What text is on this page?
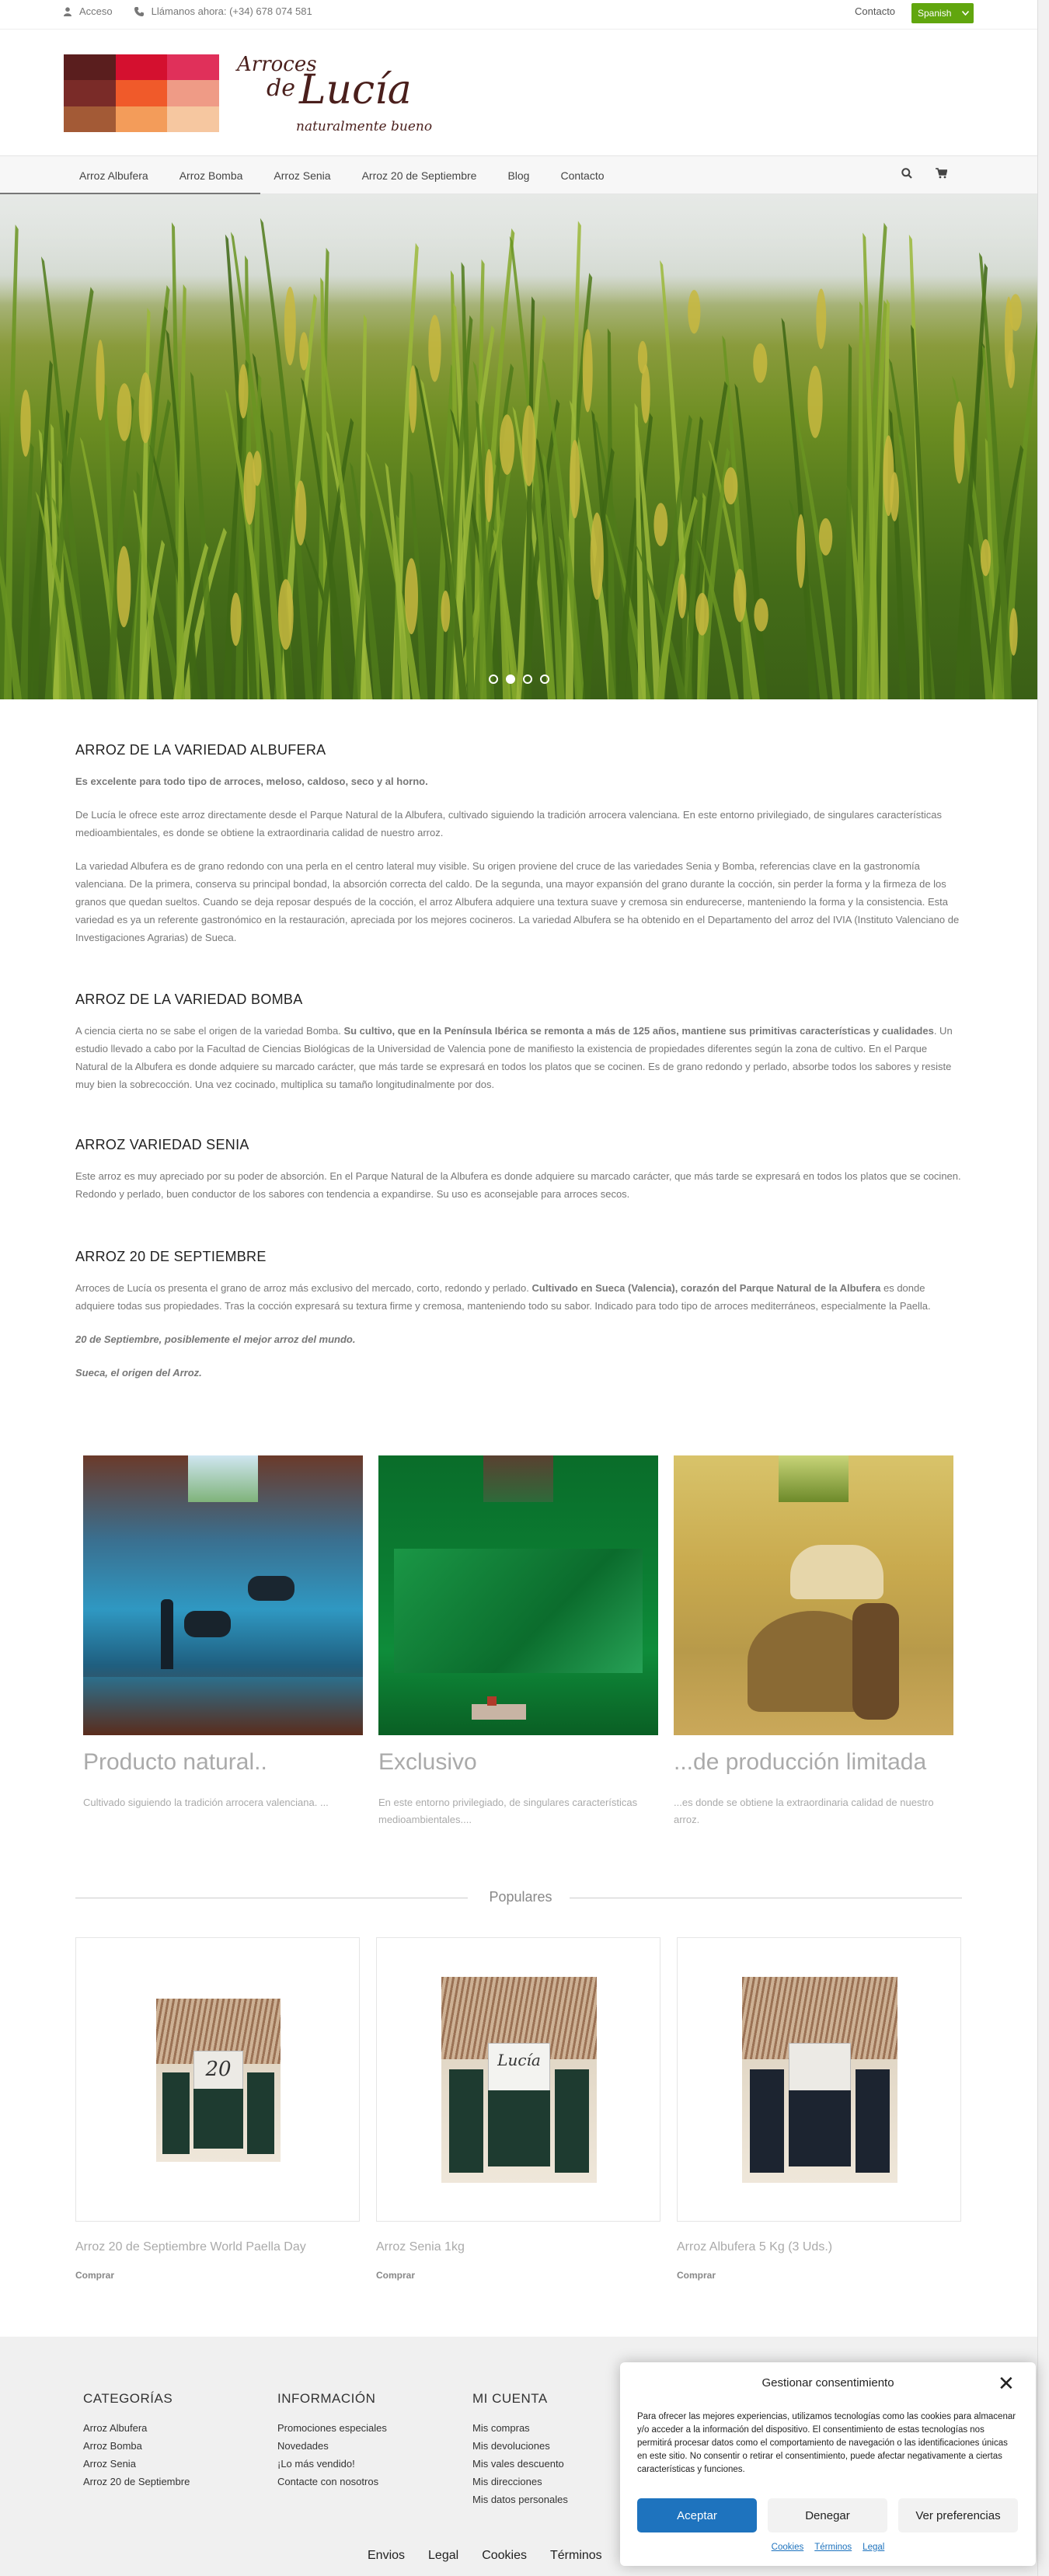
Acceso	Llámanos ahora: (+34) 678 074 581	Contacto Spanish
Arroces
de Lucía
naturalmente bueno
Arroz Albufera	Arroz Bomba	Arroz Senia	Arroz 20 de Septiembre	Blog	Contacto
ARROZ DE LA VARIEDAD ALBUFERA

Es excelente para todo tipo de arroces, meloso, caldoso, seco y al horno.

De Lucía le ofrece este arroz directamente desde el Parque Natural de la Albufera, cultivado siguiendo la tradición arrocera valenciana. En este entorno privilegiado, de singulares características medioambientales, es donde se obtiene la extraordinaria calidad de nuestro arroz.

La variedad Albufera es de grano redondo con una perla en el centro lateral muy visible. Su origen proviene del cruce de las variedades Senia y Bomba, referencias clave en la gastronomía valenciana. De la primera, conserva su principal bondad, la absorción correcta del caldo. De la segunda, una mayor expansión del grano durante la cocción, sin perder la forma y la firmeza de los granos que quedan sueltos. Cuando se deja reposar después de la cocción, el arroz Albufera adquiere una textura suave y cremosa sin endurecerse, manteniendo la forma y la consistencia. Esta variedad es ya un referente gastronómico en la restauración, apreciada por los mejores cocineros. La variedad Albufera se ha obtenido en el Departamento del arroz del IVIA (Instituto Valenciano de Investigaciones Agrarias) de Sueca.

ARROZ DE LA VARIEDAD BOMBA

A ciencia cierta no se sabe el origen de la variedad Bomba. Su cultivo, que en la Península Ibérica se remonta a más de 125 años, mantiene sus primitivas características y cualidades. Un estudio llevado a cabo por la Facultad de Ciencias Biológicas de la Universidad de Valencia pone de manifiesto la existencia de propiedades diferentes según la zona de cultivo. En el Parque Natural de la Albufera es donde adquiere su marcado carácter, que más tarde se expresará en todos los platos que se cocinen. Es de grano redondo y perlado, absorbe todos los sabores y resiste muy bien la sobrecocción. Una vez cocinado, multiplica su tamaño longitudinalmente por dos.

ARROZ VARIEDAD SENIA

Este arroz es muy apreciado por su poder de absorción. En el Parque Natural de la Albufera es donde adquiere su marcado carácter, que más tarde se expresará en todos los platos que se cocinen. Redondo y perlado, buen conductor de los sabores con tendencia a expandirse. Su uso es aconsejable para arroces secos.

ARROZ 20 DE SEPTIEMBRE

Arroces de Lucía os presenta el grano de arroz más exclusivo del mercado, corto, redondo y perlado. Cultivado en Sueca (Valencia), corazón del Parque Natural de la Albufera es donde adquiere todas sus propiedades. Tras la cocción expresará su textura firme y cremosa, manteniendo todo su sabor. Indicado para todo tipo de arroces mediterráneos, especialmente la Paella.

20 de Septiembre, posiblemente el mejor arroz del mundo.

Sueca, el origen del Arroz.

Producto natural..
Cultivado siguiendo la tradición arrocera valenciana. ...
Exclusivo
En este entorno privilegiado, de singulares características medioambientales....
...de producción limitada
...es donde se obtiene la extraordinaria calidad de nuestro arroz.
Populares
20
Arroz 20 de Septiembre World Paella Day
Comprar
Lucía
Arroz Senia 1kg
Comprar
Arroz Albufera 5 Kg (3 Uds.)
Comprar
CATEGORÍAS
Arroz Albufera
Arroz Bomba
Arroz Senia
Arroz 20 de Septiembre
INFORMACIÓN
Promociones especiales
Novedades
¡Lo más vendido!
Contacte con nosotros
MI CUENTA
Mis compras
Mis devoluciones
Mis vales descuento
Mis direcciones
Mis datos personales
Envios Legal Cookies Términos
Gestionar consentimiento	✕
Para ofrecer las mejores experiencias, utilizamos tecnologías como las cookies para almacenar y/o acceder a la información del dispositivo. El consentimiento de estas tecnologías nos permitirá procesar datos como el comportamiento de navegación o las identificaciones únicas en este sitio. No consentir o retirar el consentimiento, puede afectar negativamente a ciertas características y funciones.
Aceptar	Denegar	Ver preferencias
Cookies Términos Legal
